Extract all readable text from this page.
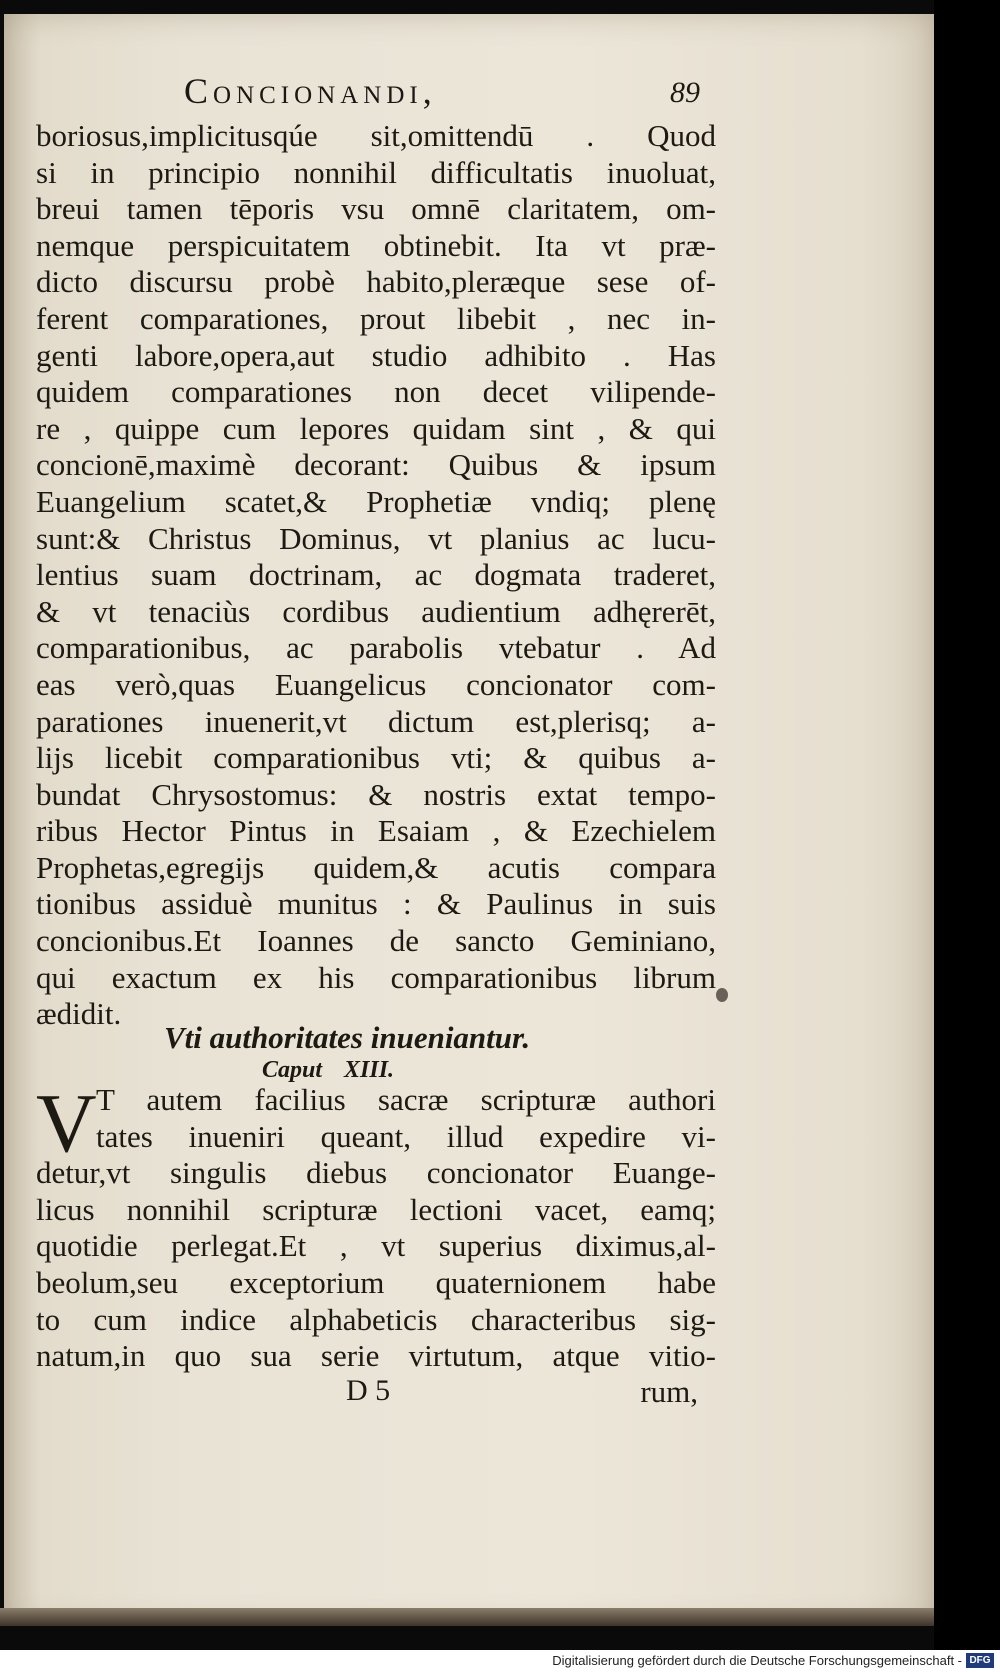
Concionandi,	89
boriosus,implicitusqúe sit,omittendū . Quod
si in principio nonnihil difficultatis inuoluat,
breui tamen tēporis vsu omnē claritatem, om-
nemque perspicuitatem obtinebit. Ita vt præ-
dicto discursu probè habito,pleræque sese of-
ferent comparationes, prout libebit , nec in-
genti labore,opera,aut studio adhibito . Has
quidem comparationes non decet vilipende-
re , quippe cum lepores quidam sint , & qui
concionē,maximè decorant: Quibus & ipsum
Euangelium scatet,& Prophetiæ vndiq; plenę
sunt:& Christus Dominus, vt planius ac lucu-
lentius suam doctrinam, ac dogmata traderet,
& vt tenaciùs cordibus audientium adhęrerēt,
comparationibus, ac parabolis vtebatur . Ad
eas verò,quas Euangelicus concionator com-
parationes inuenerit,vt dictum est,plerisq; a-
lijs licebit comparationibus vti; & quibus a-
bundat Chrysostomus: & nostris extat tempo-
ribus Hector Pintus in Esaiam , & Ezechielem
Prophetas,egregijs quidem,& acutis compara
tionibus assiduè munitus : & Paulinus in suis
concionibus.Et Ioannes de sancto Geminiano,
qui exactum ex his comparationibus librum
ædidit.
Vti authoritates inueniantur.
Caput XIII.
V T autem facilius sacræ scripturæ authori
tates inueniri queant, illud expedire vi-
detur,vt singulis diebus concionator Euange-
licus nonnihil scripturæ lectioni vacet, eamq;
quotidie perlegat.Et , vt superius diximus,al-
beolum,seu exceptorium quaternionem habe
to cum indice alphabeticis characteribus sig-
natum,in quo sua serie virtutum, atque vitio-
D 5	rum,
Digitalisierung gefördert durch die Deutsche Forschungsgemeinschaft - DFG
